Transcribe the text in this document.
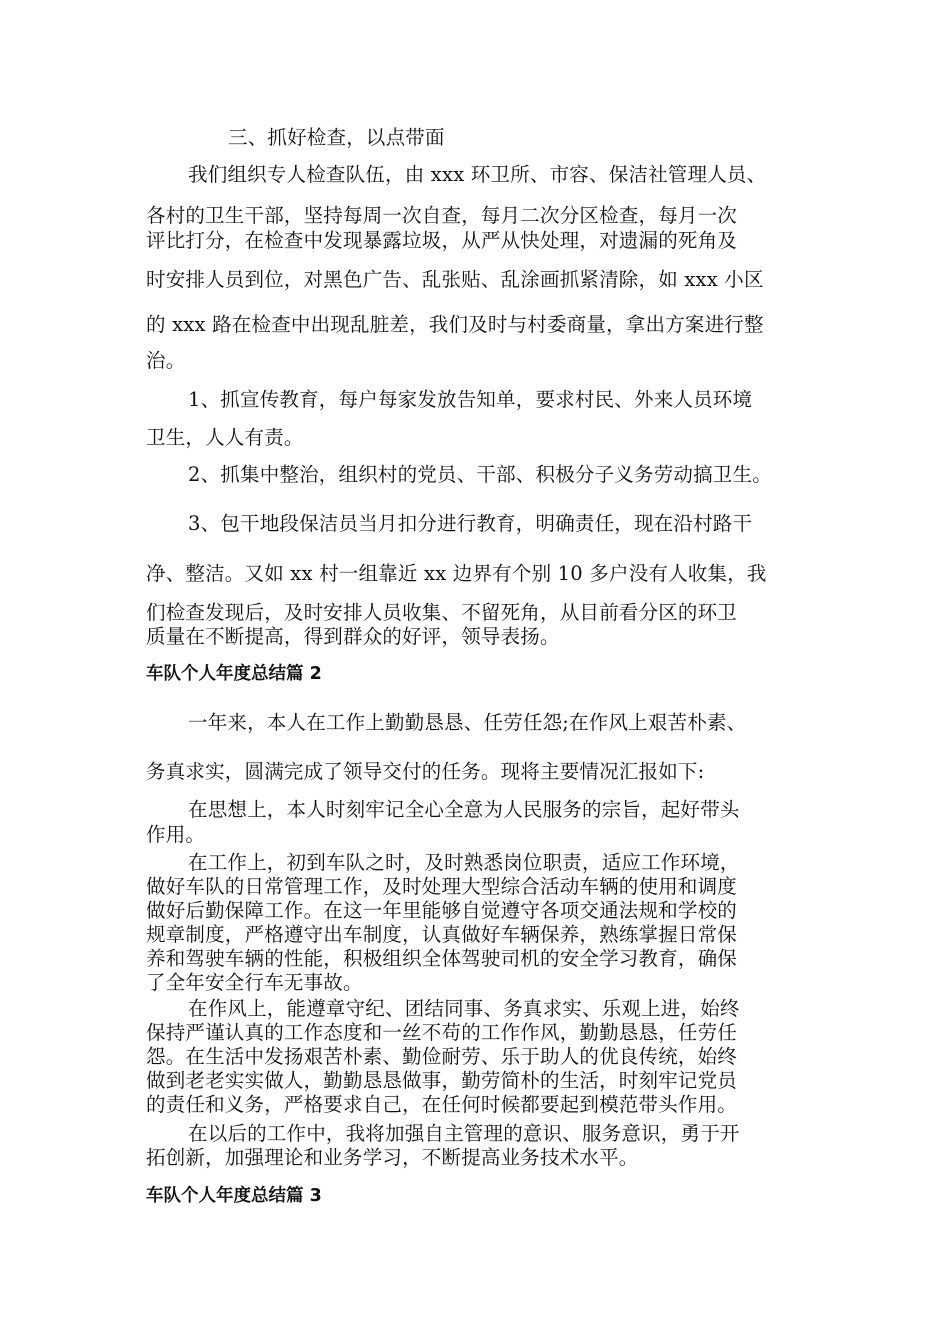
三、抓好检查，以点带面
我们组织专人检查队伍，由 xxx 环卫所、市容、保洁社管理人员、
各村的卫生干部，坚持每周一次自查，每月二次分区检查，每月一次
评比打分，在检查中发现暴露垃圾，从严从快处理，对遗漏的死角及
时安排人员到位，对黑色广告、乱张贴、乱涂画抓紧清除，如 xxx 小区
的 xxx 路在检查中出现乱脏差，我们及时与村委商量，拿出方案进行整
治。
1、抓宣传教育，每户每家发放告知单，要求村民、外来人员环境
卫生，人人有责。
2、抓集中整治，组织村的党员、干部、积极分子义务劳动搞卫生。
3、包干地段保洁员当月扣分进行教育，明确责任，现在沿村路干
净、整洁。又如 xx 村一组靠近 xx 边界有个别 10 多户没有人收集，我
们检查发现后，及时安排人员收集、不留死角，从目前看分区的环卫
质量在不断提高，得到群众的好评，领导表扬。
车队个人年度总结篇 2
一年来，本人在工作上勤勤恳恳、任劳任怨;在作风上艰苦朴素、
务真求实，圆满完成了领导交付的任务。现将主要情况汇报如下:
在思想上，本人时刻牢记全心全意为人民服务的宗旨，起好带头
作用。
在工作上，初到车队之时，及时熟悉岗位职责，适应工作环境，
做好车队的日常管理工作，及时处理大型综合活动车辆的使用和调度
做好后勤保障工作。在这一年里能够自觉遵守各项交通法规和学校的
规章制度，严格遵守出车制度，认真做好车辆保养，熟练掌握日常保
养和驾驶车辆的性能，积极组织全体驾驶司机的安全学习教育，确保
了全年安全行车无事故。
在作风上，能遵章守纪、团结同事、务真求实、乐观上进，始终
保持严谨认真的工作态度和一丝不苟的工作作风，勤勤恳恳，任劳任
怨。在生活中发扬艰苦朴素、勤俭耐劳、乐于助人的优良传统，始终
做到老老实实做人，勤勤恳恳做事，勤劳简朴的生活，时刻牢记党员
的责任和义务，严格要求自己，在任何时候都要起到模范带头作用。
在以后的工作中，我将加强自主管理的意识、服务意识，勇于开
拓创新，加强理论和业务学习，不断提高业务技术水平。
车队个人年度总结篇 3
